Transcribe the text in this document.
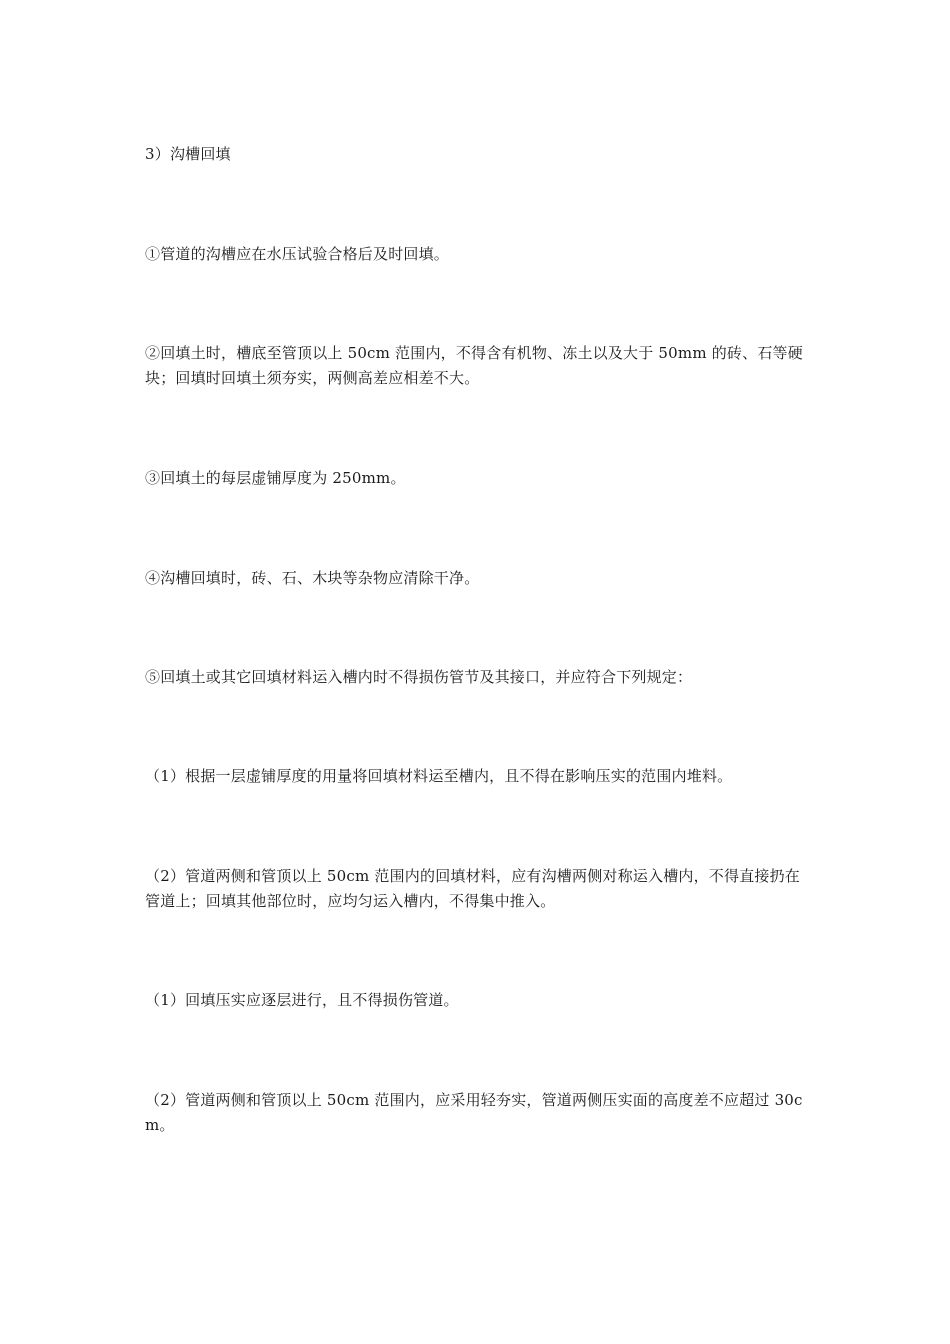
3）沟槽回填

①管道的沟槽应在水压试验合格后及时回填。

②回填土时，槽底至管顶以上 50cm 范围内，不得含有机物、冻土以及大于 50mm 的砖、石等硬块；回填时回填土须夯实，两侧高差应相差不大。

③回填土的每层虚铺厚度为 250mm。

④沟槽回填时，砖、石、木块等杂物应清除干净。

⑤回填土或其它回填材料运入槽内时不得损伤管节及其接口，并应符合下列规定：

（1）根据一层虚铺厚度的用量将回填材料运至槽内，且不得在影响压实的范围内堆料。

（2）管道两侧和管顶以上 50cm 范围内的回填材料，应有沟槽两侧对称运入槽内，不得直接扔在管道上；回填其他部位时，应均匀运入槽内，不得集中推入。

（1）回填压实应逐层进行，且不得损伤管道。

（2）管道两侧和管顶以上 50cm 范围内，应采用轻夯实，管道两侧压实面的高度差不应超过 30cm。
